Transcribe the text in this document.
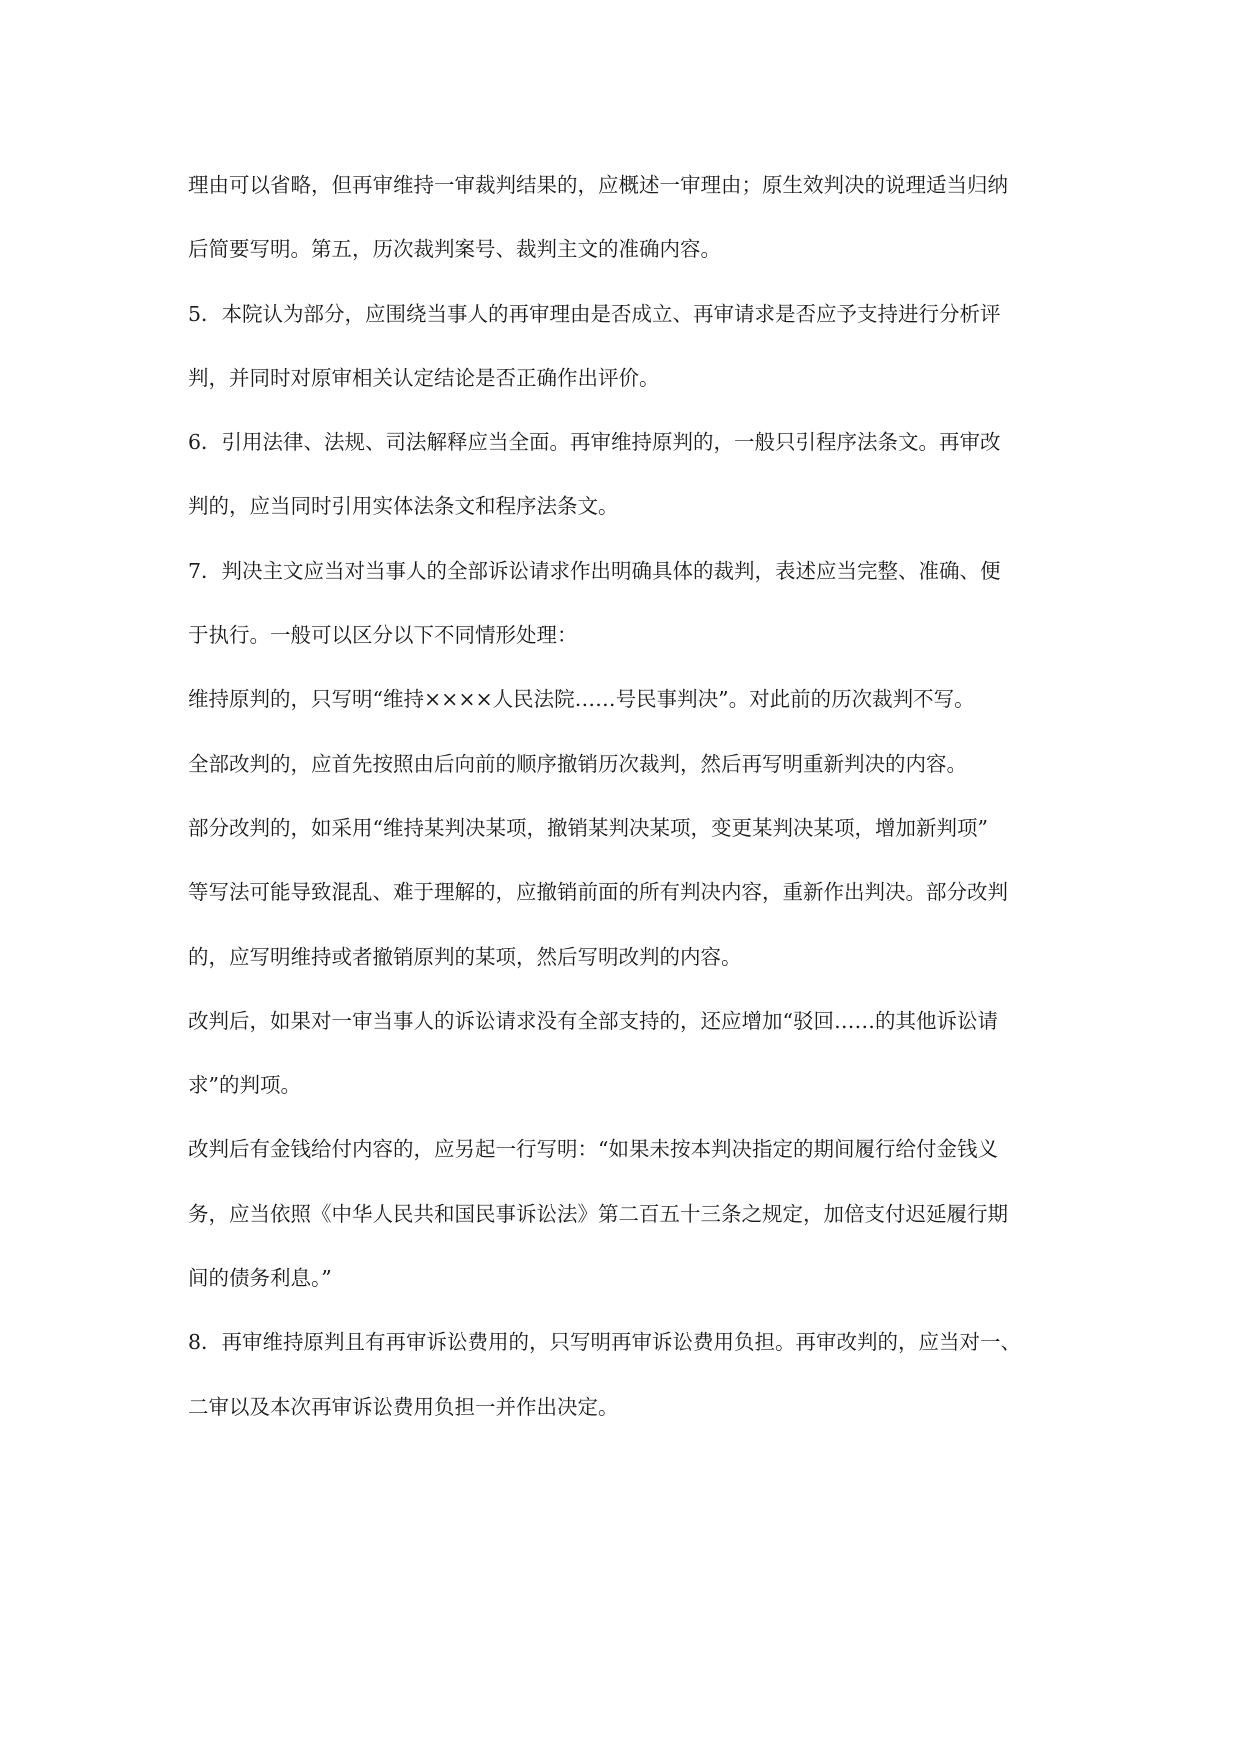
理由可以省略，但再审维持一审裁判结果的，应概述一审理由；原生效判决的说理适当归纳
后简要写明。第五，历次裁判案号、裁判主文的准确内容。
5．本院认为部分，应围绕当事人的再审理由是否成立、再审请求是否应予支持进行分析评
判，并同时对原审相关认定结论是否正确作出评价。
6．引用法律、法规、司法解释应当全面。再审维持原判的，一般只引程序法条文。再审改
判的，应当同时引用实体法条文和程序法条文。
7．判决主文应当对当事人的全部诉讼请求作出明确具体的裁判，表述应当完整、准确、便
于执行。一般可以区分以下不同情形处理：
维持原判的，只写明“维持××××人民法院……号民事判决”。对此前的历次裁判不写。
全部改判的，应首先按照由后向前的顺序撤销历次裁判，然后再写明重新判决的内容。
部分改判的，如采用“维持某判决某项，撤销某判决某项，变更某判决某项，增加新判项”
等写法可能导致混乱、难于理解的，应撤销前面的所有判决内容，重新作出判决。部分改判
的，应写明维持或者撤销原判的某项，然后写明改判的内容。
改判后，如果对一审当事人的诉讼请求没有全部支持的，还应增加“驳回……的其他诉讼请
求”的判项。
改判后有金钱给付内容的，应另起一行写明：“如果未按本判决指定的期间履行给付金钱义
务，应当依照《中华人民共和国民事诉讼法》第二百五十三条之规定，加倍支付迟延履行期
间的债务利息。”
8．再审维持原判且有再审诉讼费用的，只写明再审诉讼费用负担。再审改判的，应当对一、
二审以及本次再审诉讼费用负担一并作出决定。
